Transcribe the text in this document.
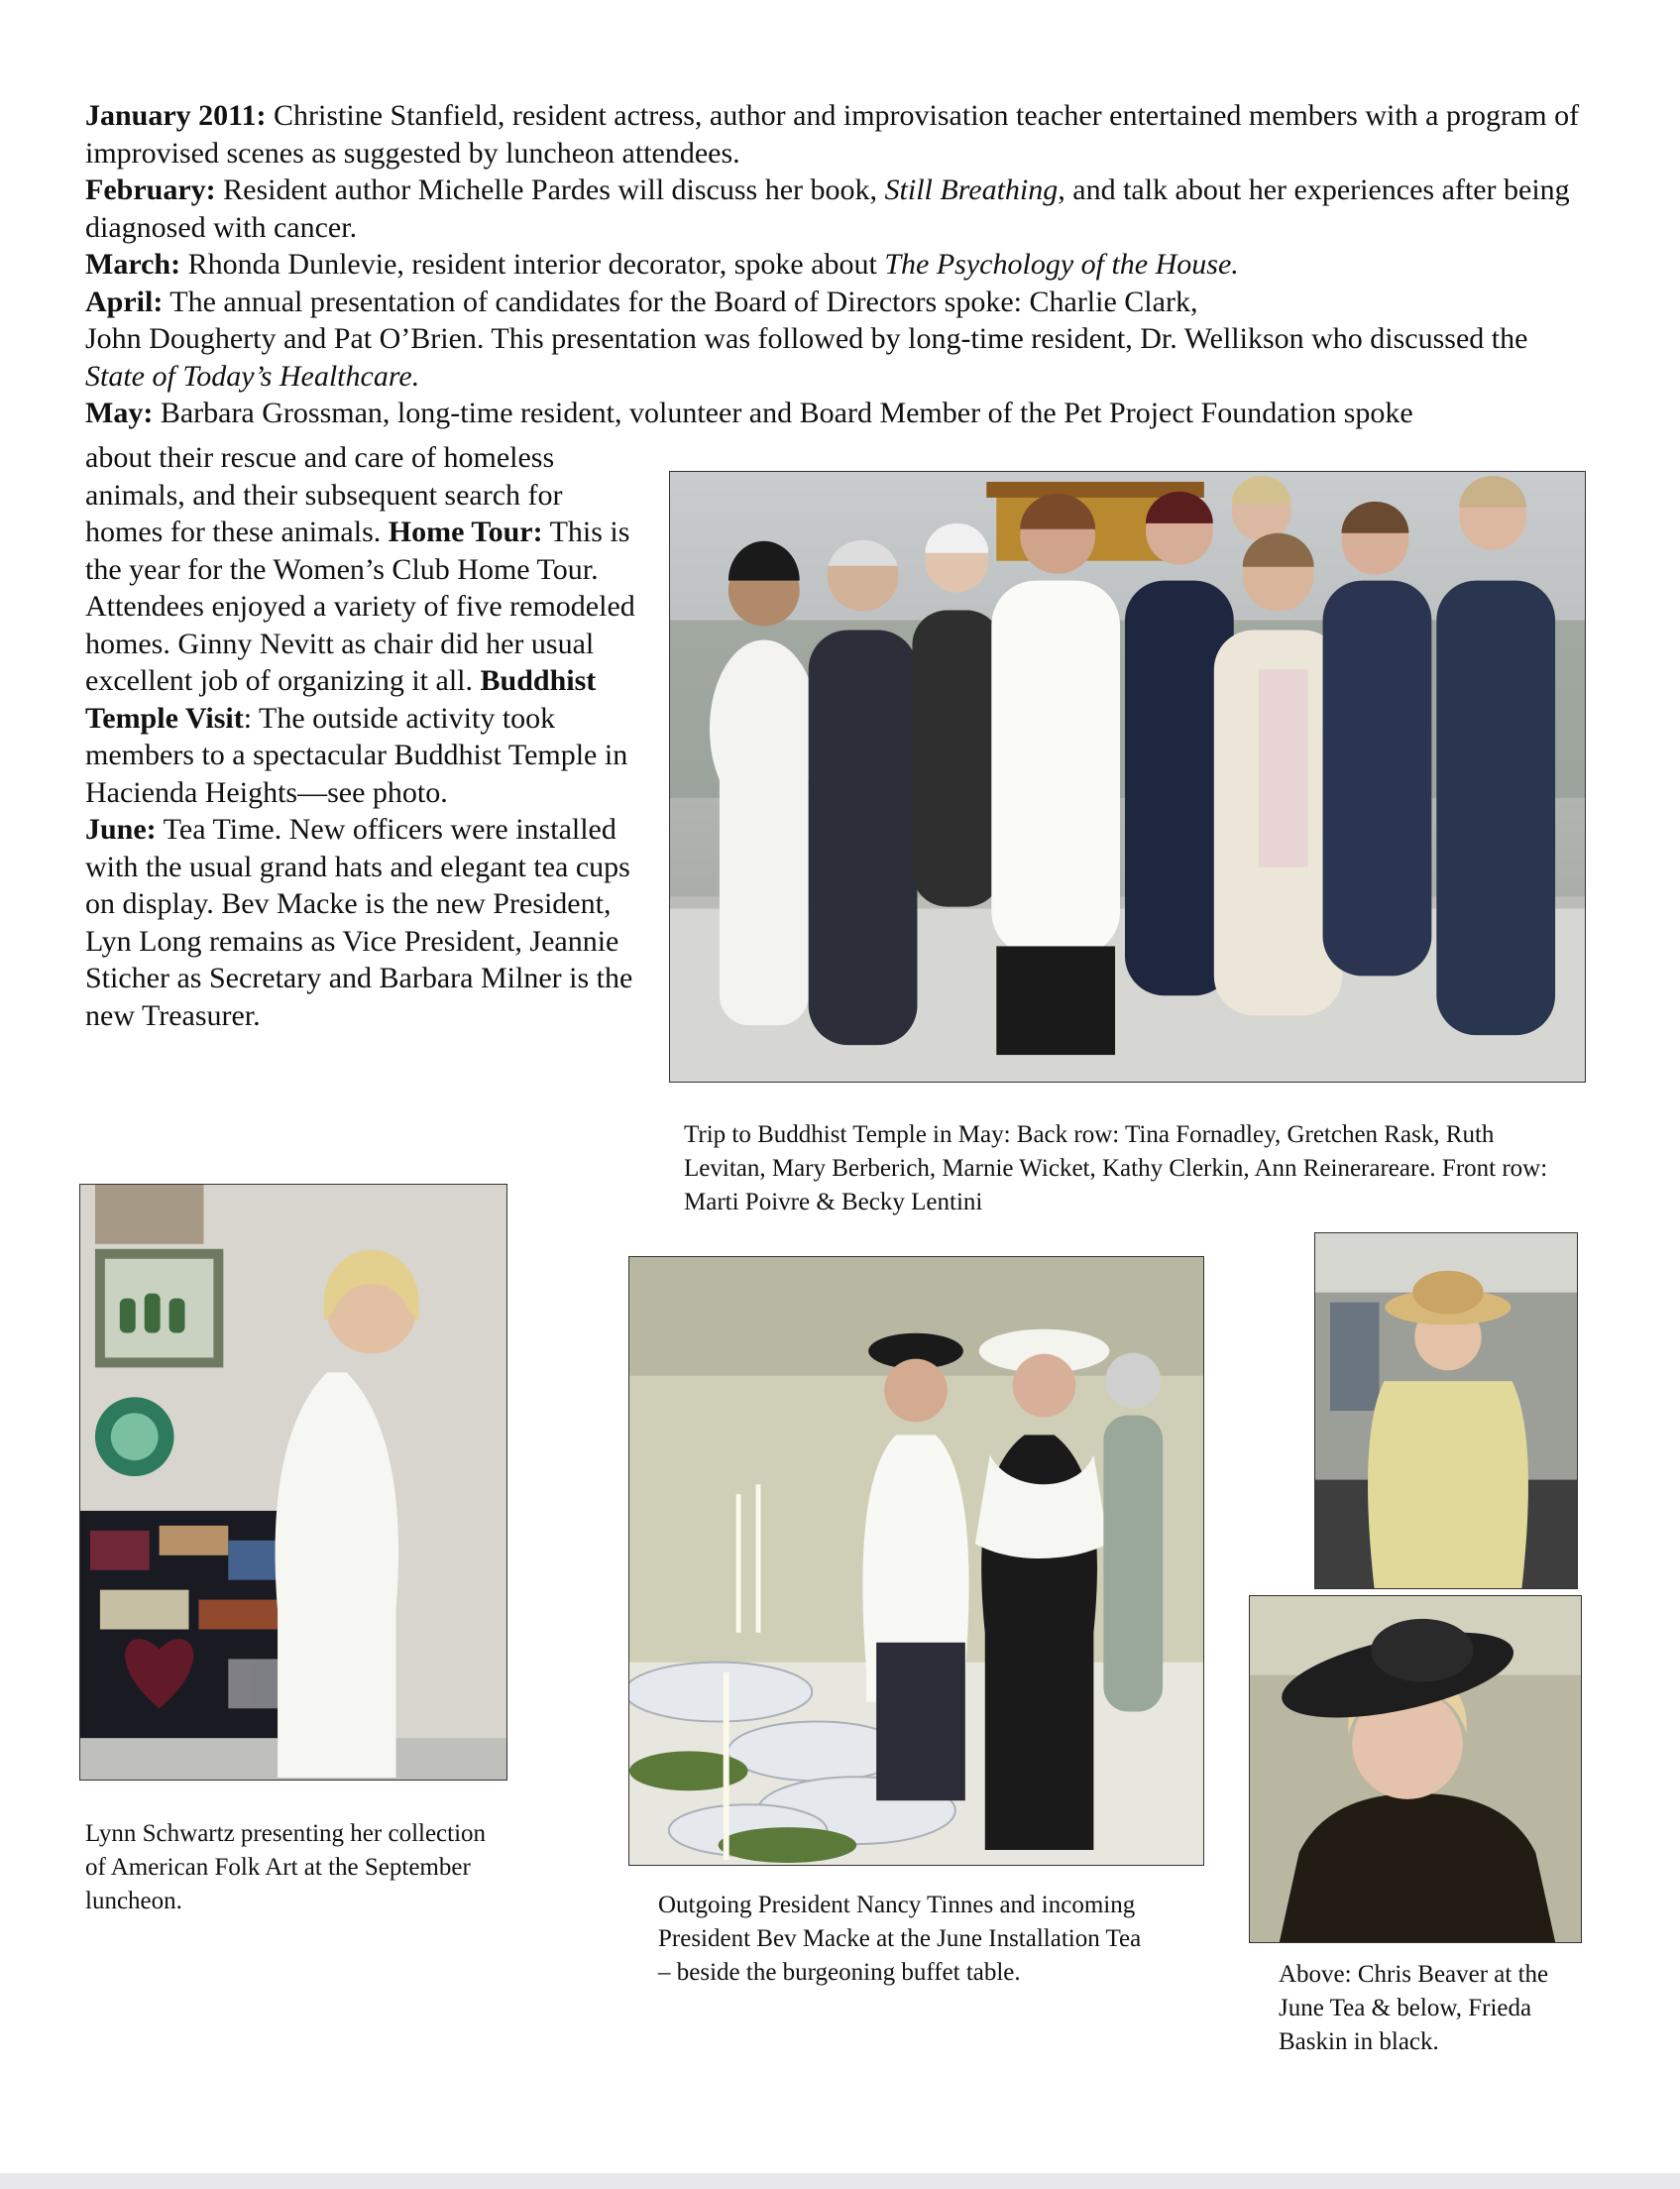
January 2011: Christine Stanfield, resident actress, author and improvisation teacher entertained members with a program of improvised scenes as suggested by luncheon attendees.
February: Resident author Michelle Pardes will discuss her book, Still Breathing, and talk about her experiences after being diagnosed with cancer.
March: Rhonda Dunlevie, resident interior decorator, spoke about The Psychology of the House.
April: The annual presentation of candidates for the Board of Directors spoke: Charlie Clark,
John Dougherty and Pat O’Brien. This presentation was followed by long-time resident, Dr. Wellikson who discussed the State of Today’s Healthcare.
May: Barbara Grossman, long-time resident, volunteer and Board Member of the Pet Project Foundation spoke
about their rescue and care of homeless animals, and their subsequent search for homes for these animals. Home Tour: This is the year for the Women’s Club Home Tour. Attendees enjoyed a variety of five remodeled homes. Ginny Nevitt as chair did her usual excellent job of organizing it all. Buddhist Temple Visit: The outside activity took members to a spectacular Buddhist Temple in Hacienda Heights—see photo.
June: Tea Time. New officers were installed with the usual grand hats and elegant tea cups on display. Bev Macke is the new President, Lyn Long remains as Vice President, Jeannie Sticher as Secretary and Barbara Milner is the new Treasurer.
Trip to Buddhist Temple in May: Back row: Tina Fornadley, Gretchen Rask, Ruth Levitan, Mary Berberich, Marnie Wicket, Kathy Clerkin, Ann Reinerareare. Front row: Marti Poivre & Becky Lentini
Lynn Schwartz presenting her collection of American Folk Art at the September luncheon.	Outgoing President Nancy Tinnes and incoming President Bev Macke at the June Installation Tea – beside the burgeoning buffet table.	Above: Chris Beaver at the June Tea & below, Frieda Baskin in black.
